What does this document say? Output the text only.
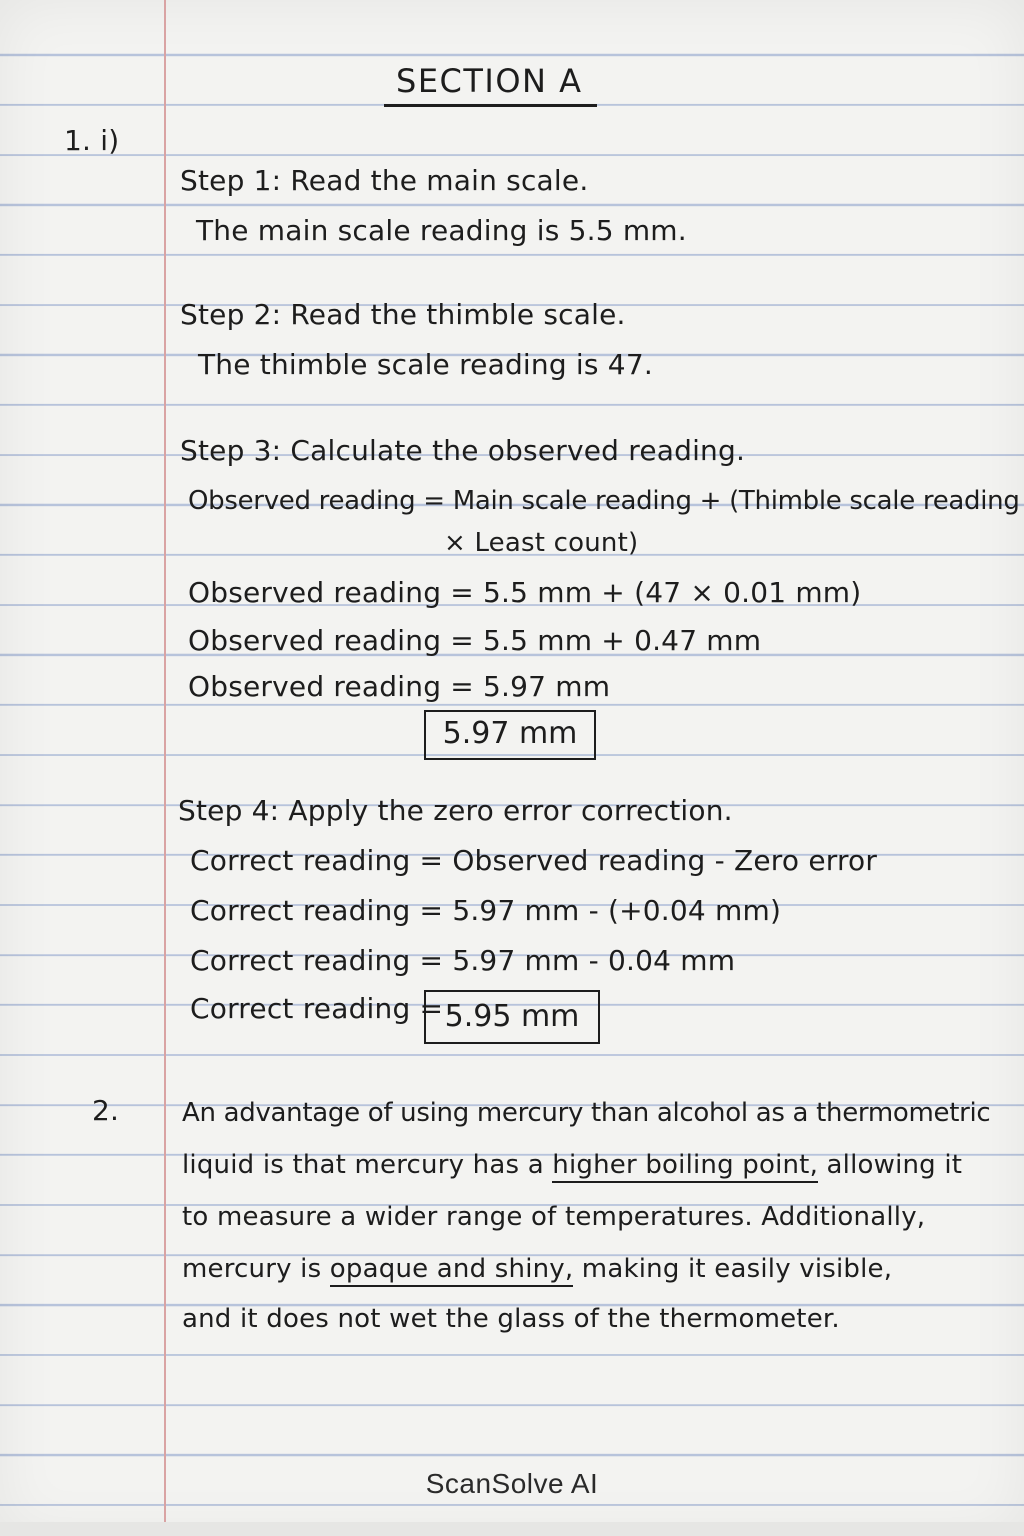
SECTION A
1. i)
Step 1: Read the main scale.
The main scale reading is 5.5 mm.
Step 2: Read the thimble scale.
The thimble scale reading is 47.
Step 3: Calculate the observed reading.
Observed reading = Main scale reading + (Thimble scale reading
× Least count)
Observed reading = 5.5 mm + (47 × 0.01 mm)
Observed reading = 5.5 mm + 0.47 mm
Observed reading = 5.97 mm
5.97 mm
Step 4: Apply the zero error correction.
Correct reading = Observed reading - Zero error
Correct reading = 5.97 mm - (+0.04 mm)
Correct reading = 5.97 mm - 0.04 mm
Correct reading = 5.95 mm
2. An advantage of using mercury than alcohol as a thermometric
liquid is that mercury has a higher boiling point, allowing it
to measure a wider range of temperatures. Additionally,
mercury is opaque and shiny, making it easily visible,
and it does not wet the glass of the thermometer.
ScanSolve AI
